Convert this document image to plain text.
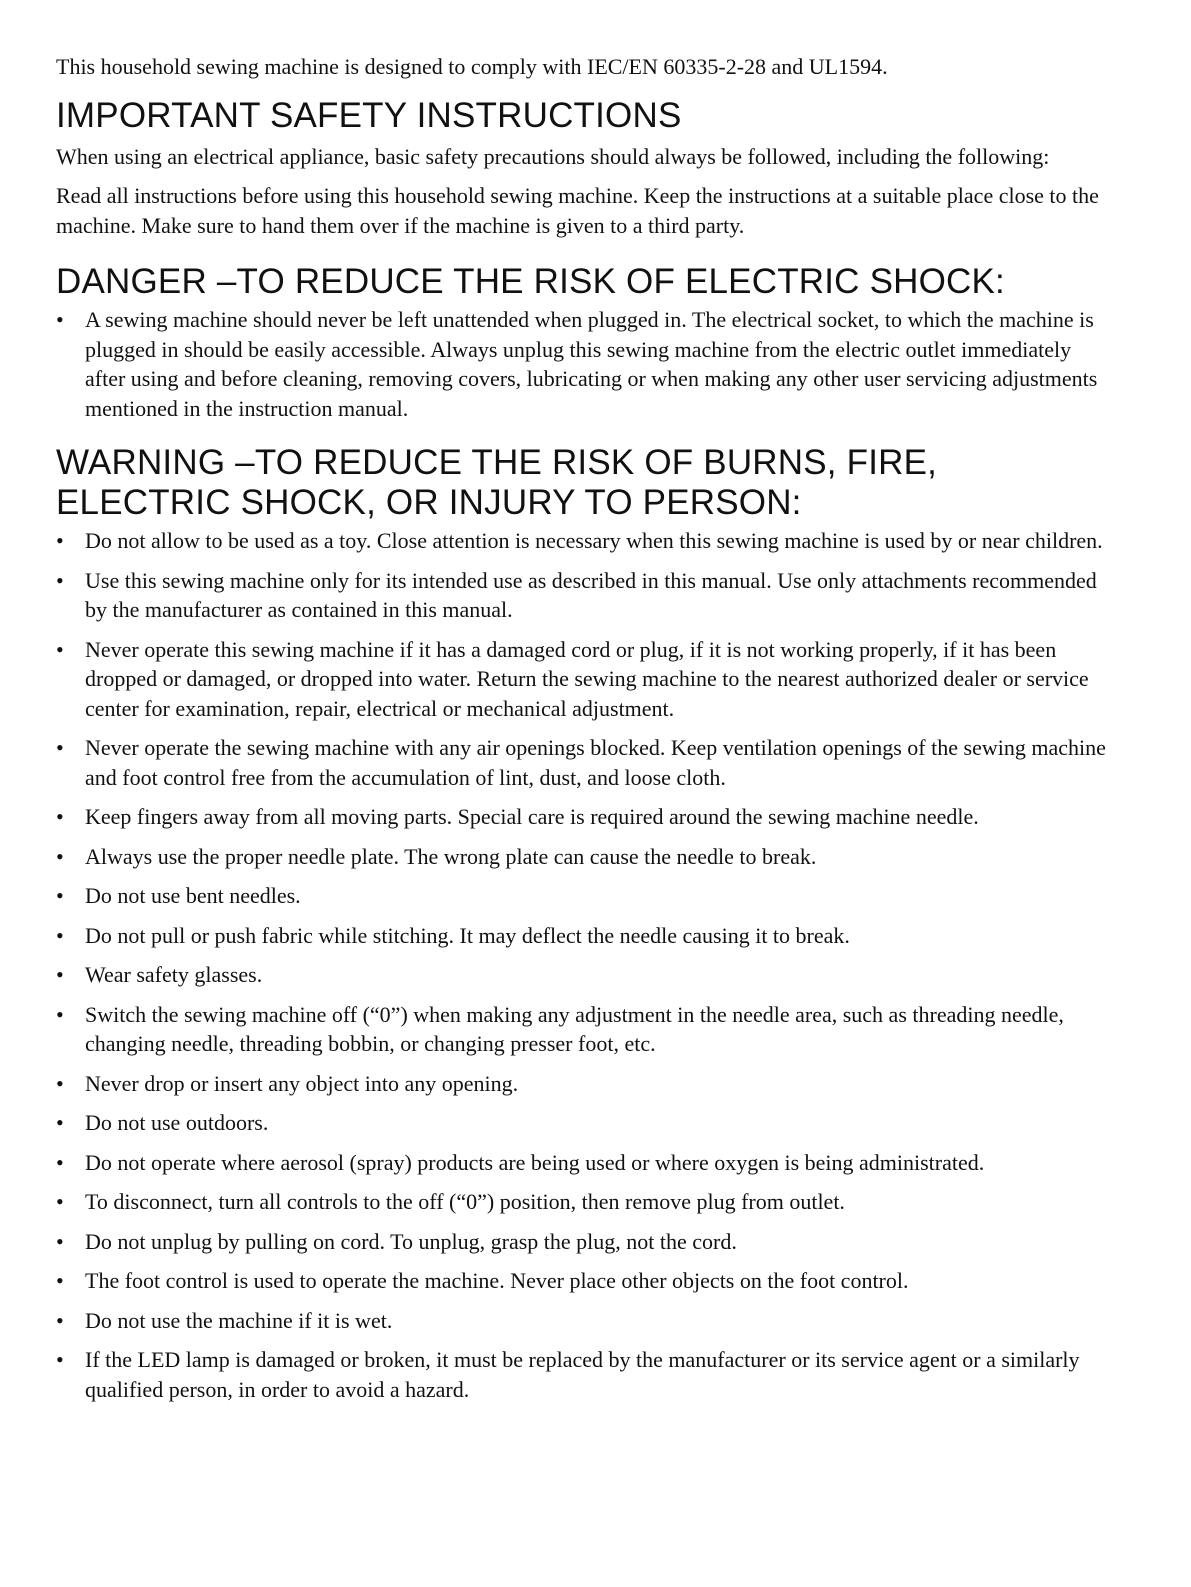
This household sewing machine is designed to comply with IEC/EN 60335-2-28 and UL1594.

IMPORTANT SAFETY INSTRUCTIONS

When using an electrical appliance, basic safety precautions should always be followed, including the following:

Read all instructions before using this household sewing machine. Keep the instructions at a suitable place close to the machine. Make sure to hand them over if the machine is given to a third party.

DANGER –TO REDUCE THE RISK OF ELECTRIC SHOCK:
• A sewing machine should never be left unattended when plugged in. The electrical socket, to which the machine is plugged in should be easily accessible. Always unplug this sewing machine from the electric outlet immediately after using and before cleaning, removing covers, lubricating or when making any other user servicing adjustments mentioned in the instruction manual.
WARNING –TO REDUCE THE RISK OF BURNS, FIRE, ELECTRIC SHOCK, OR INJURY TO PERSON:
• Do not allow to be used as a toy. Close attention is necessary when this sewing machine is used by or near children.
• Use this sewing machine only for its intended use as described in this manual. Use only attachments recommended by the manufacturer as contained in this manual.
• Never operate this sewing machine if it has a damaged cord or plug, if it is not working properly, if it has been dropped or damaged, or dropped into water. Return the sewing machine to the nearest authorized dealer or service center for examination, repair, electrical or mechanical adjustment.
• Never operate the sewing machine with any air openings blocked. Keep ventilation openings of the sewing machine and foot control free from the accumulation of lint, dust, and loose cloth.
• Keep fingers away from all moving parts. Special care is required around the sewing machine needle.
• Always use the proper needle plate. The wrong plate can cause the needle to break.
• Do not use bent needles.
• Do not pull or push fabric while stitching. It may deflect the needle causing it to break.
• Wear safety glasses.
• Switch the sewing machine off (“0”) when making any adjustment in the needle area, such as threading needle, changing needle, threading bobbin, or changing presser foot, etc.
• Never drop or insert any object into any opening.
• Do not use outdoors.
• Do not operate where aerosol (spray) products are being used or where oxygen is being administrated.
• To disconnect, turn all controls to the off (“0”) position, then remove plug from outlet.
• Do not unplug by pulling on cord. To unplug, grasp the plug, not the cord.
• The foot control is used to operate the machine. Never place other objects on the foot control.
• Do not use the machine if it is wet.
• If the LED lamp is damaged or broken, it must be replaced by the manufacturer or its service agent or a similarly qualified person, in order to avoid a hazard.
